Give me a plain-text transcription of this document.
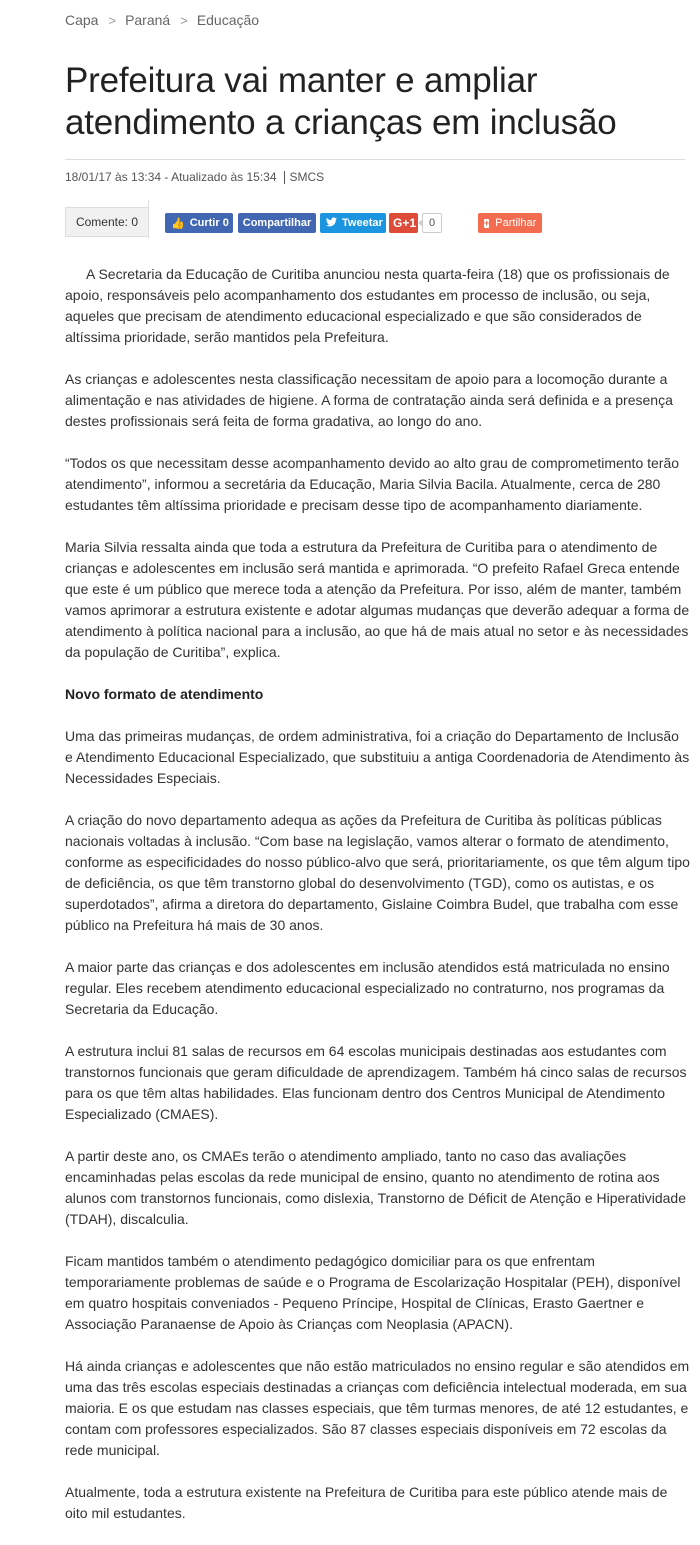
Capa > Paraná > Educação
Prefeitura vai manter e ampliar atendimento a crianças em inclusão
18/01/17 às 13:34 - Atualizado às 15:34 SMCS
Comente: 0	👍 Curtir 0 Compartilhar	Tweetar G+1	0	+ Partilhar

A Secretaria da Educação de Curitiba anunciou nesta quarta-feira (18) que os profissionais de apoio, responsáveis pelo acompanhamento dos estudantes em processo de inclusão, ou seja, aqueles que precisam de atendimento educacional especializado e que são considerados de altíssima prioridade, serão mantidos pela Prefeitura.

As crianças e adolescentes nesta classificação necessitam de apoio para a locomoção durante a alimentação e nas atividades de higiene. A forma de contratação ainda será definida e a presença destes profissionais será feita de forma gradativa, ao longo do ano.

“Todos os que necessitam desse acompanhamento devido ao alto grau de comprometimento terão atendimento”, informou a secretária da Educação, Maria Silvia Bacila. Atualmente, cerca de 280 estudantes têm altíssima prioridade e precisam desse tipo de acompanhamento diariamente.

Maria Silvia ressalta ainda que toda a estrutura da Prefeitura de Curitiba para o atendimento de crianças e adolescentes em inclusão será mantida e aprimorada. “O prefeito Rafael Greca entende que este é um público que merece toda a atenção da Prefeitura. Por isso, além de manter, também vamos aprimorar a estrutura existente e adotar algumas mudanças que deverão adequar a forma de atendimento à política nacional para a inclusão, ao que há de mais atual no setor e às necessidades da população de Curitiba”, explica.

Novo formato de atendimento

Uma das primeiras mudanças, de ordem administrativa, foi a criação do Departamento de Inclusão e Atendimento Educacional Especializado, que substituiu a antiga Coordenadoria de Atendimento às Necessidades Especiais.

A criação do novo departamento adequa as ações da Prefeitura de Curitiba às políticas públicas nacionais voltadas à inclusão. “Com base na legislação, vamos alterar o formato de atendimento, conforme as especificidades do nosso público-alvo que será, prioritariamente, os que têm algum tipo de deficiência, os que têm transtorno global do desenvolvimento (TGD), como os autistas, e os superdotados”, afirma a diretora do departamento, Gislaine Coimbra Budel, que trabalha com esse público na Prefeitura há mais de 30 anos.

A maior parte das crianças e dos adolescentes em inclusão atendidos está matriculada no ensino regular. Eles recebem atendimento educacional especializado no contraturno, nos programas da Secretaria da Educação.

A estrutura inclui 81 salas de recursos em 64 escolas municipais destinadas aos estudantes com transtornos funcionais que geram dificuldade de aprendizagem. Também há cinco salas de recursos para os que têm altas habilidades. Elas funcionam dentro dos Centros Municipal de Atendimento Especializado (CMAES).

A partir deste ano, os CMAEs terão o atendimento ampliado, tanto no caso das avaliações encaminhadas pelas escolas da rede municipal de ensino, quanto no atendimento de rotina aos alunos com transtornos funcionais, como dislexia, Transtorno de Déficit de Atenção e Hiperatividade (TDAH), discalculia.

Ficam mantidos também o atendimento pedagógico domiciliar para os que enfrentam temporariamente problemas de saúde e o Programa de Escolarização Hospitalar (PEH), disponível em quatro hospitais conveniados - Pequeno Príncipe, Hospital de Clínicas, Erasto Gaertner e Associação Paranaense de Apoio às Crianças com Neoplasia (APACN).

Há ainda crianças e adolescentes que não estão matriculados no ensino regular e são atendidos em uma das três escolas especiais destinadas a crianças com deficiência intelectual moderada, em sua maioria. E os que estudam nas classes especiais, que têm turmas menores, de até 12 estudantes, e contam com professores especializados. São 87 classes especiais disponíveis em 72 escolas da rede municipal.

Atualmente, toda a estrutura existente na Prefeitura de Curitiba para este público atende mais de oito mil estudantes.
